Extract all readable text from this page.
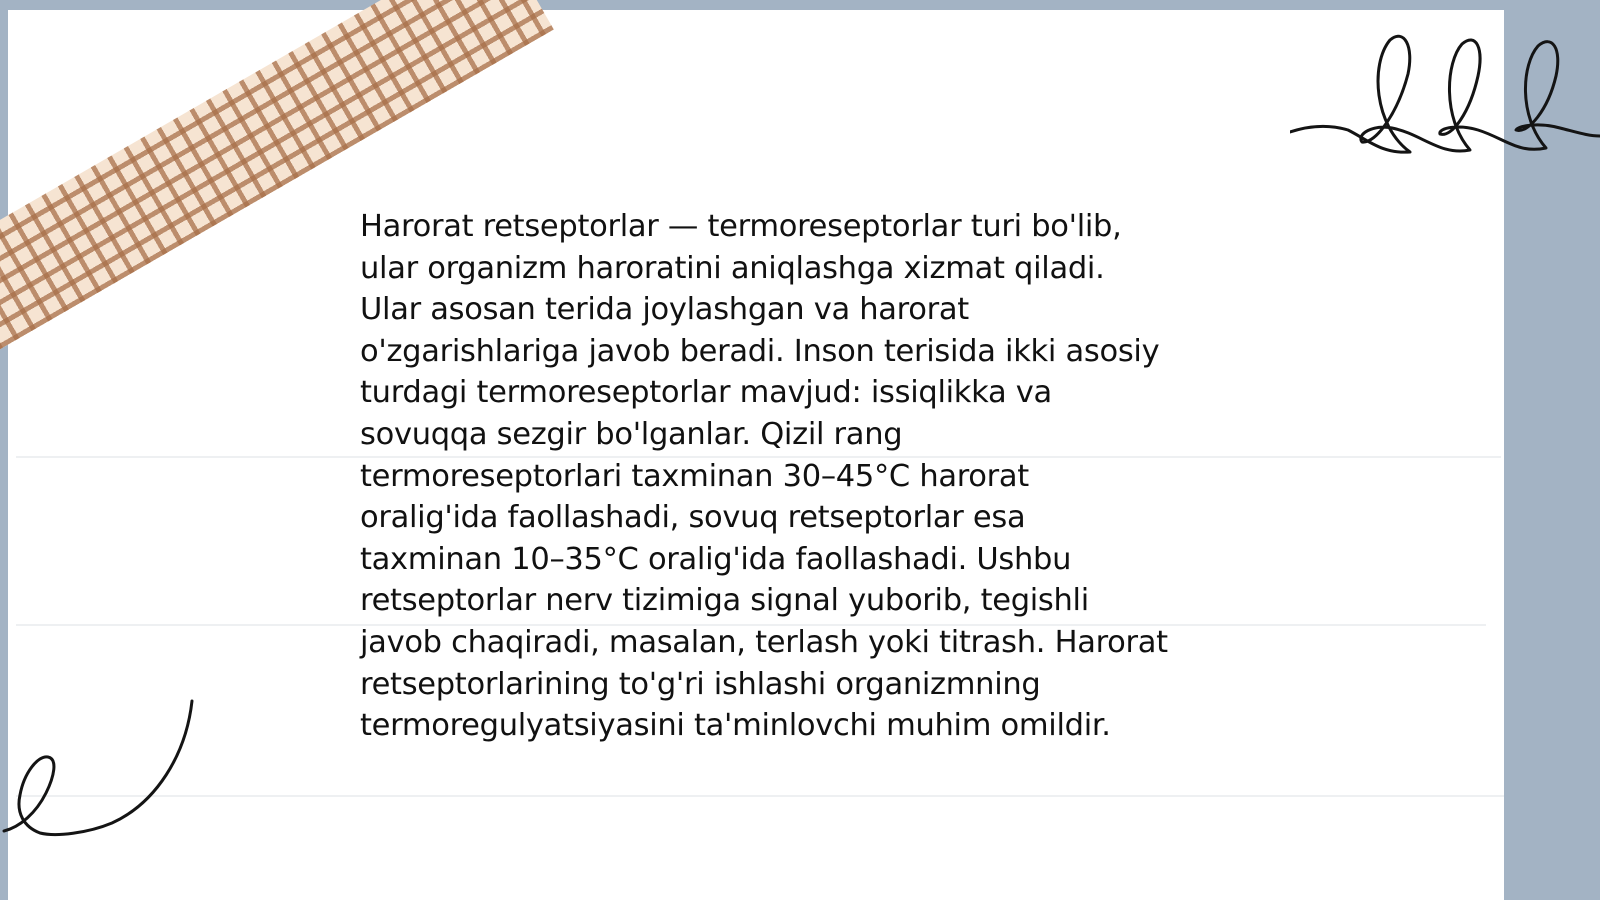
Harorat retseptorlar — termoreseptorlar turi bo'lib,
ular organizm haroratini aniqlashga xizmat qiladi.
Ular asosan terida joylashgan va harorat
o'zgarishlariga javob beradi. Inson terisida ikki asosiy
turdagi termoreseptorlar mavjud: issiqlikka va
sovuqqa sezgir bo'lganlar. Qizil rang
termoreseptorlari taxminan 30–45°C harorat
oralig'ida faollashadi, sovuq retseptorlar esa
taxminan 10–35°C oralig'ida faollashadi. Ushbu
retseptorlar nerv tizimiga signal yuborib, tegishli
javob chaqiradi, masalan, terlash yoki titrash. Harorat
retseptorlarining to'g'ri ishlashi organizmning
termoregulyatsiyasini ta'minlovchi muhim omildir.
